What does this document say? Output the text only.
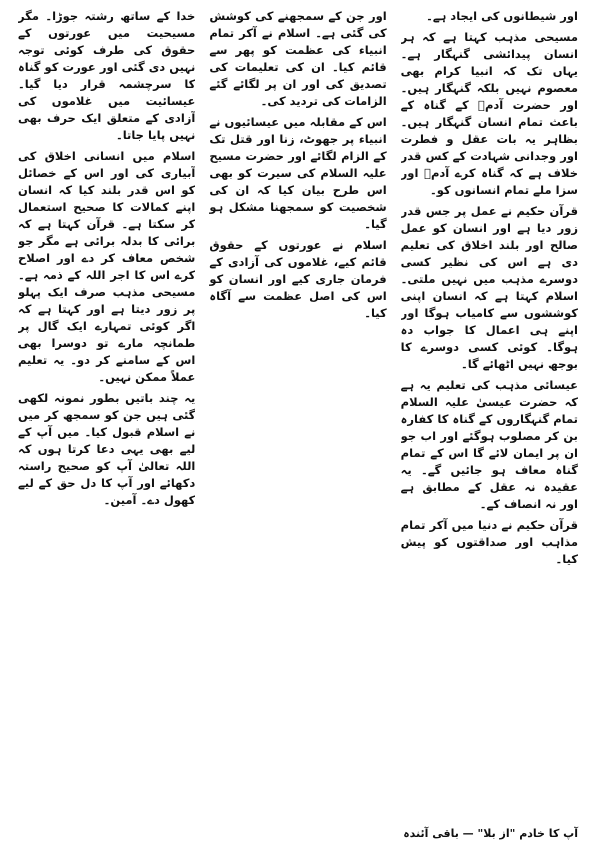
اور شیطانوں کی ایجاد ہے۔

مسیحی مذہب کہتا ہے کہ ہر انسان پیدائشی گنہگار ہے۔ یہاں تک کہ انبیا کرام بھی معصوم نہیں بلکہ گنہگار ہیں۔ اور حضرت آدمؑ کے گناہ کے باعث تمام انسان گنہگار ہیں۔ بظاہر یہ بات عقل و فطرت اور وجدانی شہادت کے کس قدر خلاف ہے کہ گناہ کرے آدمؑ اور سزا ملے تمام انسانوں کو۔

قرآن حکیم نے عمل پر جس قدر زور دیا ہے اور انسان کو عمل صالح اور بلند اخلاق کی تعلیم دی ہے اس کی نظیر کسی دوسرے مذہب میں نہیں ملتی۔ اسلام کہتا ہے کہ انسان اپنی کوششوں سے کامیاب ہوگا اور اپنے ہی اعمال کا جواب دہ ہوگا۔ کوئی کسی دوسرے کا بوجھ نہیں اٹھائے گا۔

عیسائی مذہب کی تعلیم یہ ہے کہ حضرت عیسیٰ علیہ السلام تمام گنہگاروں کے گناہ کا کفارہ بن کر مصلوب ہوگئے اور اب جو ان پر ایمان لائے گا اس کے تمام گناہ معاف ہو جائیں گے۔ یہ عقیدہ نہ عقل کے مطابق ہے اور نہ انصاف کے۔

قرآن حکیم نے دنیا میں آکر تمام مذاہب اور صداقتوں کو پیش کیا۔

اور جن کے سمجھنے کی کوشش کی گئی ہے۔ اسلام نے آکر تمام انبیاء کی عظمت کو پھر سے قائم کیا۔ ان کی تعلیمات کی تصدیق کی اور ان پر لگائے گئے الزامات کی تردید کی۔

اس کے مقابلہ میں عیسائیوں نے انبیاء پر جھوٹ، زنا اور قتل تک کے الزام لگائے اور حضرت مسیح علیہ السلام کی سیرت کو بھی اس طرح بیان کیا کہ ان کی شخصیت کو سمجھنا مشکل ہو گیا۔

اسلام نے عورتوں کے حقوق قائم کیے، غلاموں کی آزادی کے فرمان جاری کیے اور انسان کو اس کی اصل عظمت سے آگاہ کیا۔

خدا کے ساتھ رشتہ جوڑا۔ مگر مسیحیت میں عورتوں کے حقوق کی طرف کوئی توجہ نہیں دی گئی اور عورت کو گناہ کا سرچشمہ قرار دیا گیا۔ عیسائیت میں غلاموں کی آزادی کے متعلق ایک حرف بھی نہیں پایا جاتا۔

اسلام میں انسانی اخلاق کی آبیاری کی اور اس کے خصائل کو اس قدر بلند کیا کہ انسان اپنے کمالات کا صحیح استعمال کر سکتا ہے۔ قرآن کہتا ہے کہ برائی کا بدلہ برائی ہے مگر جو شخص معاف کر دے اور اصلاح کرے اس کا اجر اللہ کے ذمہ ہے۔ مسیحی مذہب صرف ایک پہلو پر زور دیتا ہے اور کہتا ہے کہ اگر کوئی تمہارے ایک گال پر طمانچہ مارے تو دوسرا بھی اس کے سامنے کر دو۔ یہ تعلیم عملاً ممکن نہیں۔

یہ چند باتیں بطور نمونہ لکھی گئی ہیں جن کو سمجھ کر میں نے اسلام قبول کیا۔ میں آپ کے لیے بھی یہی دعا کرتا ہوں کہ اللہ تعالیٰ آپ کو صحیح راستہ دکھائے اور آپ کا دل حق کے لیے کھول دے۔ آمین۔

آپ کا خادم "از بلا" — باقی آئندہ
